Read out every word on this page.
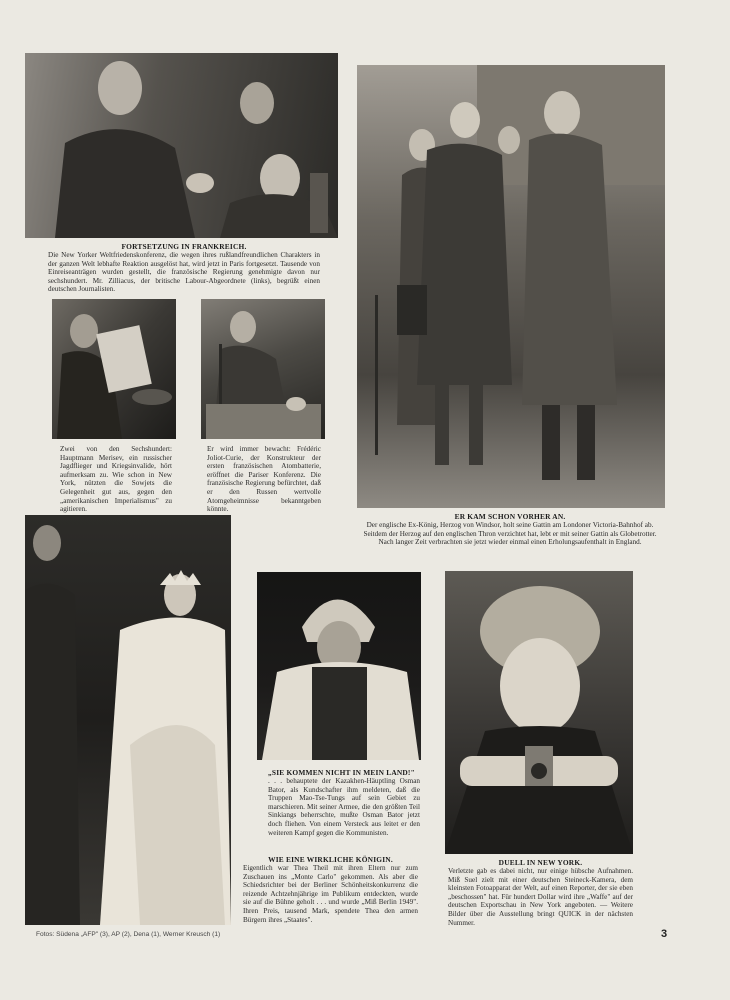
FORTSETZUNG IN FRANKREICH.
Die New Yorker Weltfriedenskonferenz, die wegen ihres rußlandfreundlichen Charakters in der ganzen Welt lebhafte Reaktion ausgelöst hat, wird jetzt in Paris fortgesetzt. Tausende von Einreiseanträgen wurden gestellt, die französische Regierung genehmigte davon nur sechshundert. Mr. Zilliacus, der britische Labour-Abgeordnete (links), begrüßt einen deutschen Journalisten.
Zwei von den Sechshundert: Hauptmann Merisev, ein russischer Jagdflieger und Kriegsinvalide, hört aufmerksam zu. Wie schon in New York, nützten die Sowjets die Gelegenheit gut aus, gegen den „amerikanischen Imperialismus" zu agitieren.
Er wird immer bewacht: Frédéric Joliot-Curie, der Konstrukteur der ersten französischen Atombatterie, eröffnet die Pariser Konferenz. Die französische Regierung befürchtet, daß er den Russen wertvolle Atomgeheimnisse bekanntgeben könnte.
ER KAM SCHON VORHER AN.
Der englische Ex-König, Herzog von Windsor, holt seine Gattin am Londoner Victoria-Bahnhof ab. Seitdem der Herzog auf den englischen Thron verzichtet hat, lebt er mit seiner Gattin als Globetrotter. Nach langer Zeit verbrachten sie jetzt wieder einmal einen Erholungsaufenthalt in England.
„SIE KOMMEN NICHT IN MEIN LAND!"
. . . behauptete der Kazakhen-Häuptling Osman Bator, als Kundschafter ihm meldeten, daß die Truppen Mao-Tse-Tungs auf sein Gebiet zu marschieren. Mit seiner Armee, die den größten Teil Sinkiangs beherrschte, mußte Osman Bator jetzt doch fliehen. Von einem Versteck aus leitet er den weiteren Kampf gegen die Kommunisten.
WIE EINE WIRKLICHE KÖNIGIN.
Eigentlich war Thea Theil mit ihren Eltern nur zum Zuschauen ins „Monte Carlo" gekommen. Als aber die Schiedsrichter bei der Berliner Schönheitskonkurrenz die reizende Achtzehnjährige im Publikum entdeckten, wurde sie auf die Bühne geholt . . . und wurde „Miß Berlin 1949". Ihren Preis, tausend Mark, spendete Thea den armen Bürgern ihres „Staates".
DUELL IN NEW YORK.
Verletzte gab es dabei nicht, nur einige hübsche Aufnahmen. Miß Suel zielt mit einer deutschen Steineck-Kamera, dem kleinsten Fotoapparat der Welt, auf einen Reporter, der sie eben „beschossen" hat. Für hundert Dollar wird ihre „Waffe" auf der deutschen Exportschau in New York angeboten. — Weitere Bilder über die Ausstellung bringt QUICK in der nächsten Nummer.
Fotos: Südena „AFP" (3), AP (2), Dena (1), Werner Kreusch (1)	3
